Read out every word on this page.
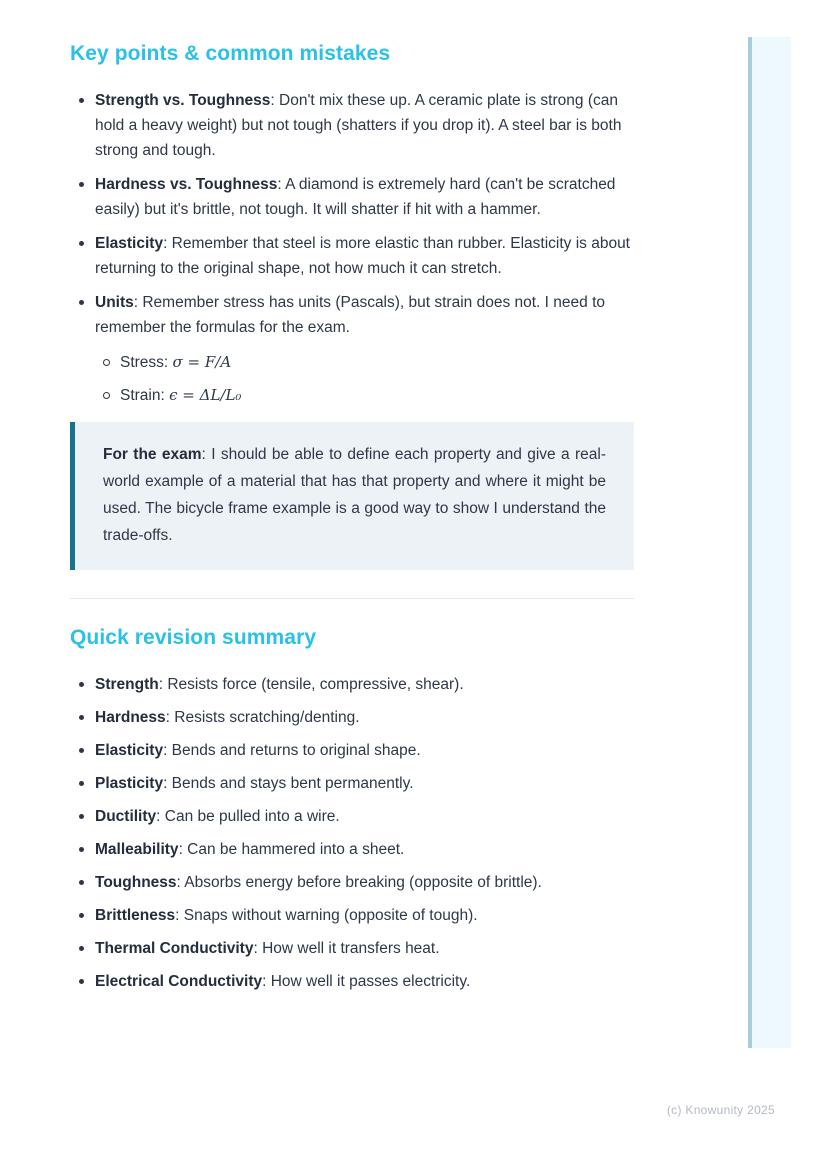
Key points & common mistakes
Strength vs. Toughness: Don't mix these up. A ceramic plate is strong (can hold a heavy weight) but not tough (shatters if you drop it). A steel bar is both strong and tough.
Hardness vs. Toughness: A diamond is extremely hard (can't be scratched easily) but it's brittle, not tough. It will shatter if hit with a hammer.
Elasticity: Remember that steel is more elastic than rubber. Elasticity is about returning to the original shape, not how much it can stretch.
Units: Remember stress has units (Pascals), but strain does not. I need to remember the formulas for the exam.
Stress: σ = F/A
Strain: ϵ = ΔL/L₀
For the exam: I should be able to define each property and give a real-world example of a material that has that property and where it might be used. The bicycle frame example is a good way to show I understand the trade-offs.
Quick revision summary
Strength: Resists force (tensile, compressive, shear).
Hardness: Resists scratching/denting.
Elasticity: Bends and returns to original shape.
Plasticity: Bends and stays bent permanently.
Ductility: Can be pulled into a wire.
Malleability: Can be hammered into a sheet.
Toughness: Absorbs energy before breaking (opposite of brittle).
Brittleness: Snaps without warning (opposite of tough).
Thermal Conductivity: How well it transfers heat.
Electrical Conductivity: How well it passes electricity.
(c) Knowunity 2025
